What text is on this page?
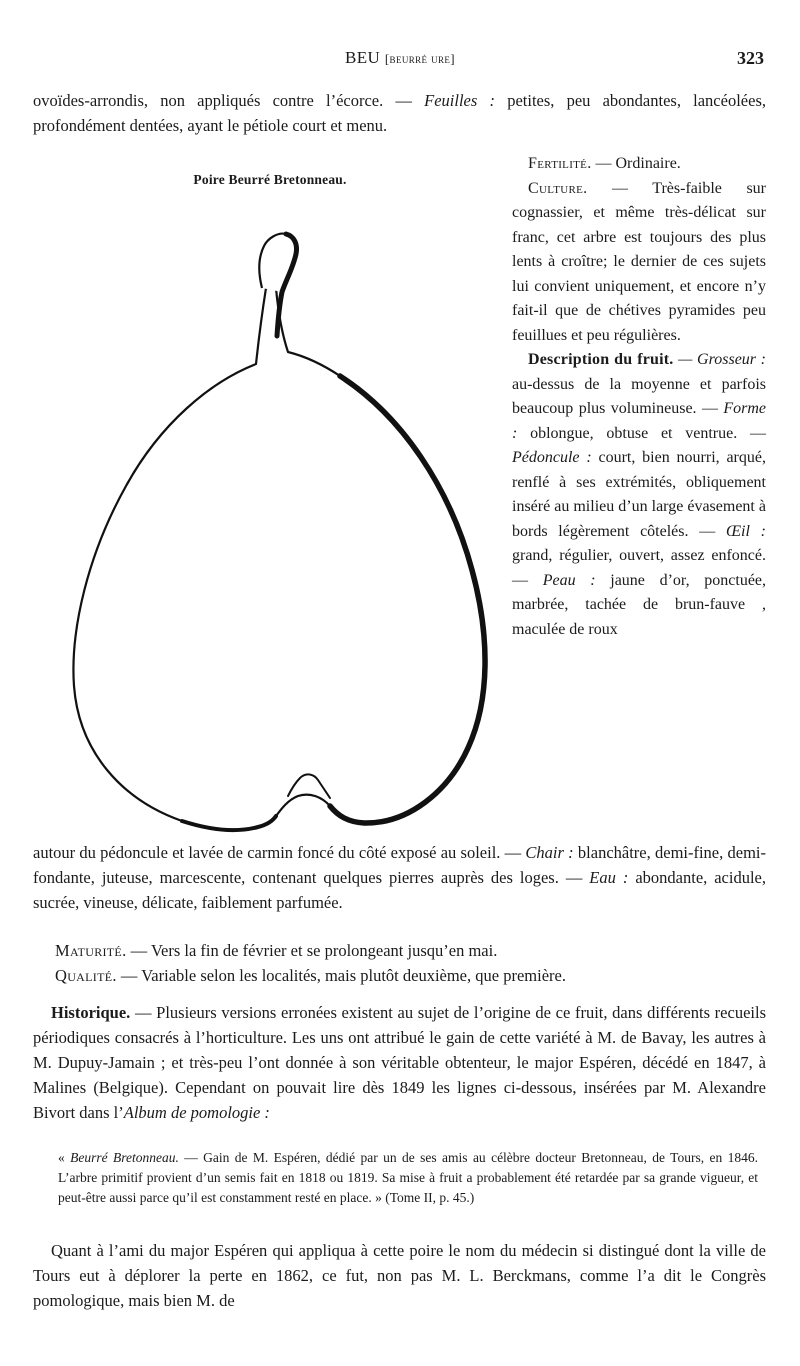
BEU [beurré ure]	323
ovoïdes-arrondis, non appliqués contre l’écorce. — Feuilles : petites, peu abondantes, lancéolées, profondément dentées, ayant le pétiole court et menu.
Poire Beurré Bretonneau.

Fertilité. — Ordinaire.

Culture. — Très-faible sur cognassier, et même très-délicat sur franc, cet arbre est toujours des plus lents à croître; le dernier de ces sujets lui convient uniquement, et encore n’y fait-il que de chétives pyramides peu feuillues et peu régulières.

Description du fruit. — Grosseur : au-dessus de la moyenne et parfois beaucoup plus volumineuse. — Forme : oblongue, obtuse et ventrue. — Pédoncule : court, bien nourri, arqué, renflé à ses extrémités, obliquement inséré au milieu d’un large évasement à bords légèrement côtelés. — Œil : grand, régulier, ouvert, assez enfoncé. — Peau : jaune d’or, ponctuée, marbrée, tachée de brun-fauve , maculée de roux

autour du pédoncule et lavée de carmin foncé du côté exposé au soleil. — Chair : blanchâtre, demi-fine, demi-fondante, juteuse, marcescente, contenant quelques pierres auprès des loges. — Eau : abondante, acidule, sucrée, vineuse, délicate, faiblement parfumée.
Maturité. — Vers la fin de février et se prolongeant jusqu’en mai.
Qualité. — Variable selon les localités, mais plutôt deuxième, que première.
Historique. — Plusieurs versions erronées existent au sujet de l’origine de ce fruit, dans différents recueils périodiques consacrés à l’horticulture. Les uns ont attribué le gain de cette variété à M. de Bavay, les autres à M. Dupuy-Jamain ; et très-peu l’ont donnée à son véritable obtenteur, le major Espéren, décédé en 1847, à Malines (Belgique). Cependant on pouvait lire dès 1849 les lignes ci-dessous, insérées par M. Alexandre Bivort dans l’Album de pomologie :
« Beurré Bretonneau. — Gain de M. Espéren, dédié par un de ses amis au célèbre docteur Bretonneau, de Tours, en 1846. L’arbre primitif provient d’un semis fait en 1818 ou 1819. Sa mise à fruit a probablement été retardée par sa grande vigueur, et peut-être aussi parce qu’il est constamment resté en place. » (Tome II, p. 45.)
Quant à l’ami du major Espéren qui appliqua à cette poire le nom du médecin si distingué dont la ville de Tours eut à déplorer la perte en 1862, ce fut, non pas M. L. Berckmans, comme l’a dit le Congrès pomologique, mais bien M. de
